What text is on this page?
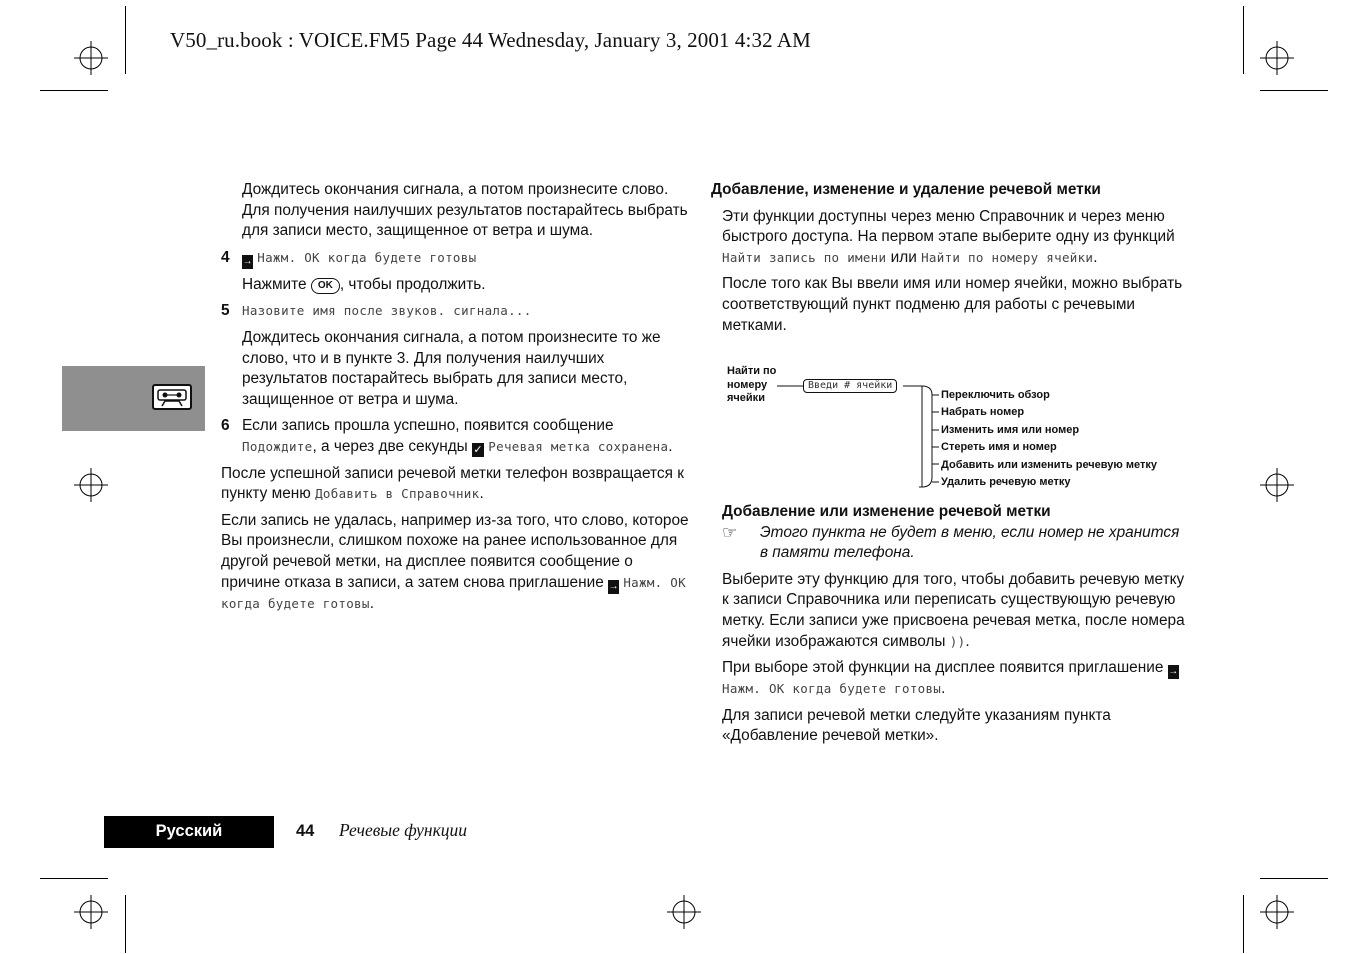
V50_ru.book : VOICE.FM5 Page 44 Wednesday, January 3, 2001 4:32 AM

Дождитесь окончания сигнала, а потом произнесите слово. Для получения наилучших результатов постарайтесь выбрать для записи место, защищенное от ветра и шума.

4	→ Нажм. OK когда будете готовы

Нажмите OK , чтобы продолжить.

5 Назовите имя после звуков. сигнала...

Дождитесь окончания сигнала, а потом произнесите то же слово, что и в пункте 3. Для получения наилучших результатов постарайтесь выбрать для записи место, защищенное от ветра и шума.

6 Если запись прошла успешно, появится сообщение Подождите, а через две секунды ✓ Речевая метка сохранена.

После успешной записи речевой метки телефон возвращается к пункту меню Добавить в Справочник.

Если запись не удалась, например из-за того, что слово, которое Вы произнесли, слишком похоже на ранее использованное для другой речевой метки, на дисплее появится сообщение о причине отказа в записи, а затем снова приглашение → Нажм. OK когда будете готовы.

Добавление, изменение и удаление речевой метки

Эти функции доступны через меню Справочник и через меню быстрого доступа. На первом этапе выберите одну из функций Найти запись по имени или Найти по номеру ячейки.

После того как Вы ввели имя или номер ячейки, можно выбрать соответствующий пункт подменю для работы с речевыми метками.

Найти по номеру ячейки
Введи # ячейки
Переключить обзор
Набрать номер
Изменить имя или номер
Стереть имя и номер
Добавить или изменить речевую метку
Удалить речевую метку

Добавление или изменение речевой метки

☞	Этого пункта не будет в меню, если номер не хранится в памяти телефона.

Выберите эту функцию для того, чтобы добавить речевую метку к записи Справочника или переписать существующую речевую метку. Если записи уже присвоена речевая метка, после номера ячейки изображаются символы )).

При выборе этой функции на дисплее появится приглашение → Нажм. OK когда будете готовы.

Для записи речевой метки следуйте указаниям пункта «Добавление речевой метки».

Русский	44 Речевые функции
